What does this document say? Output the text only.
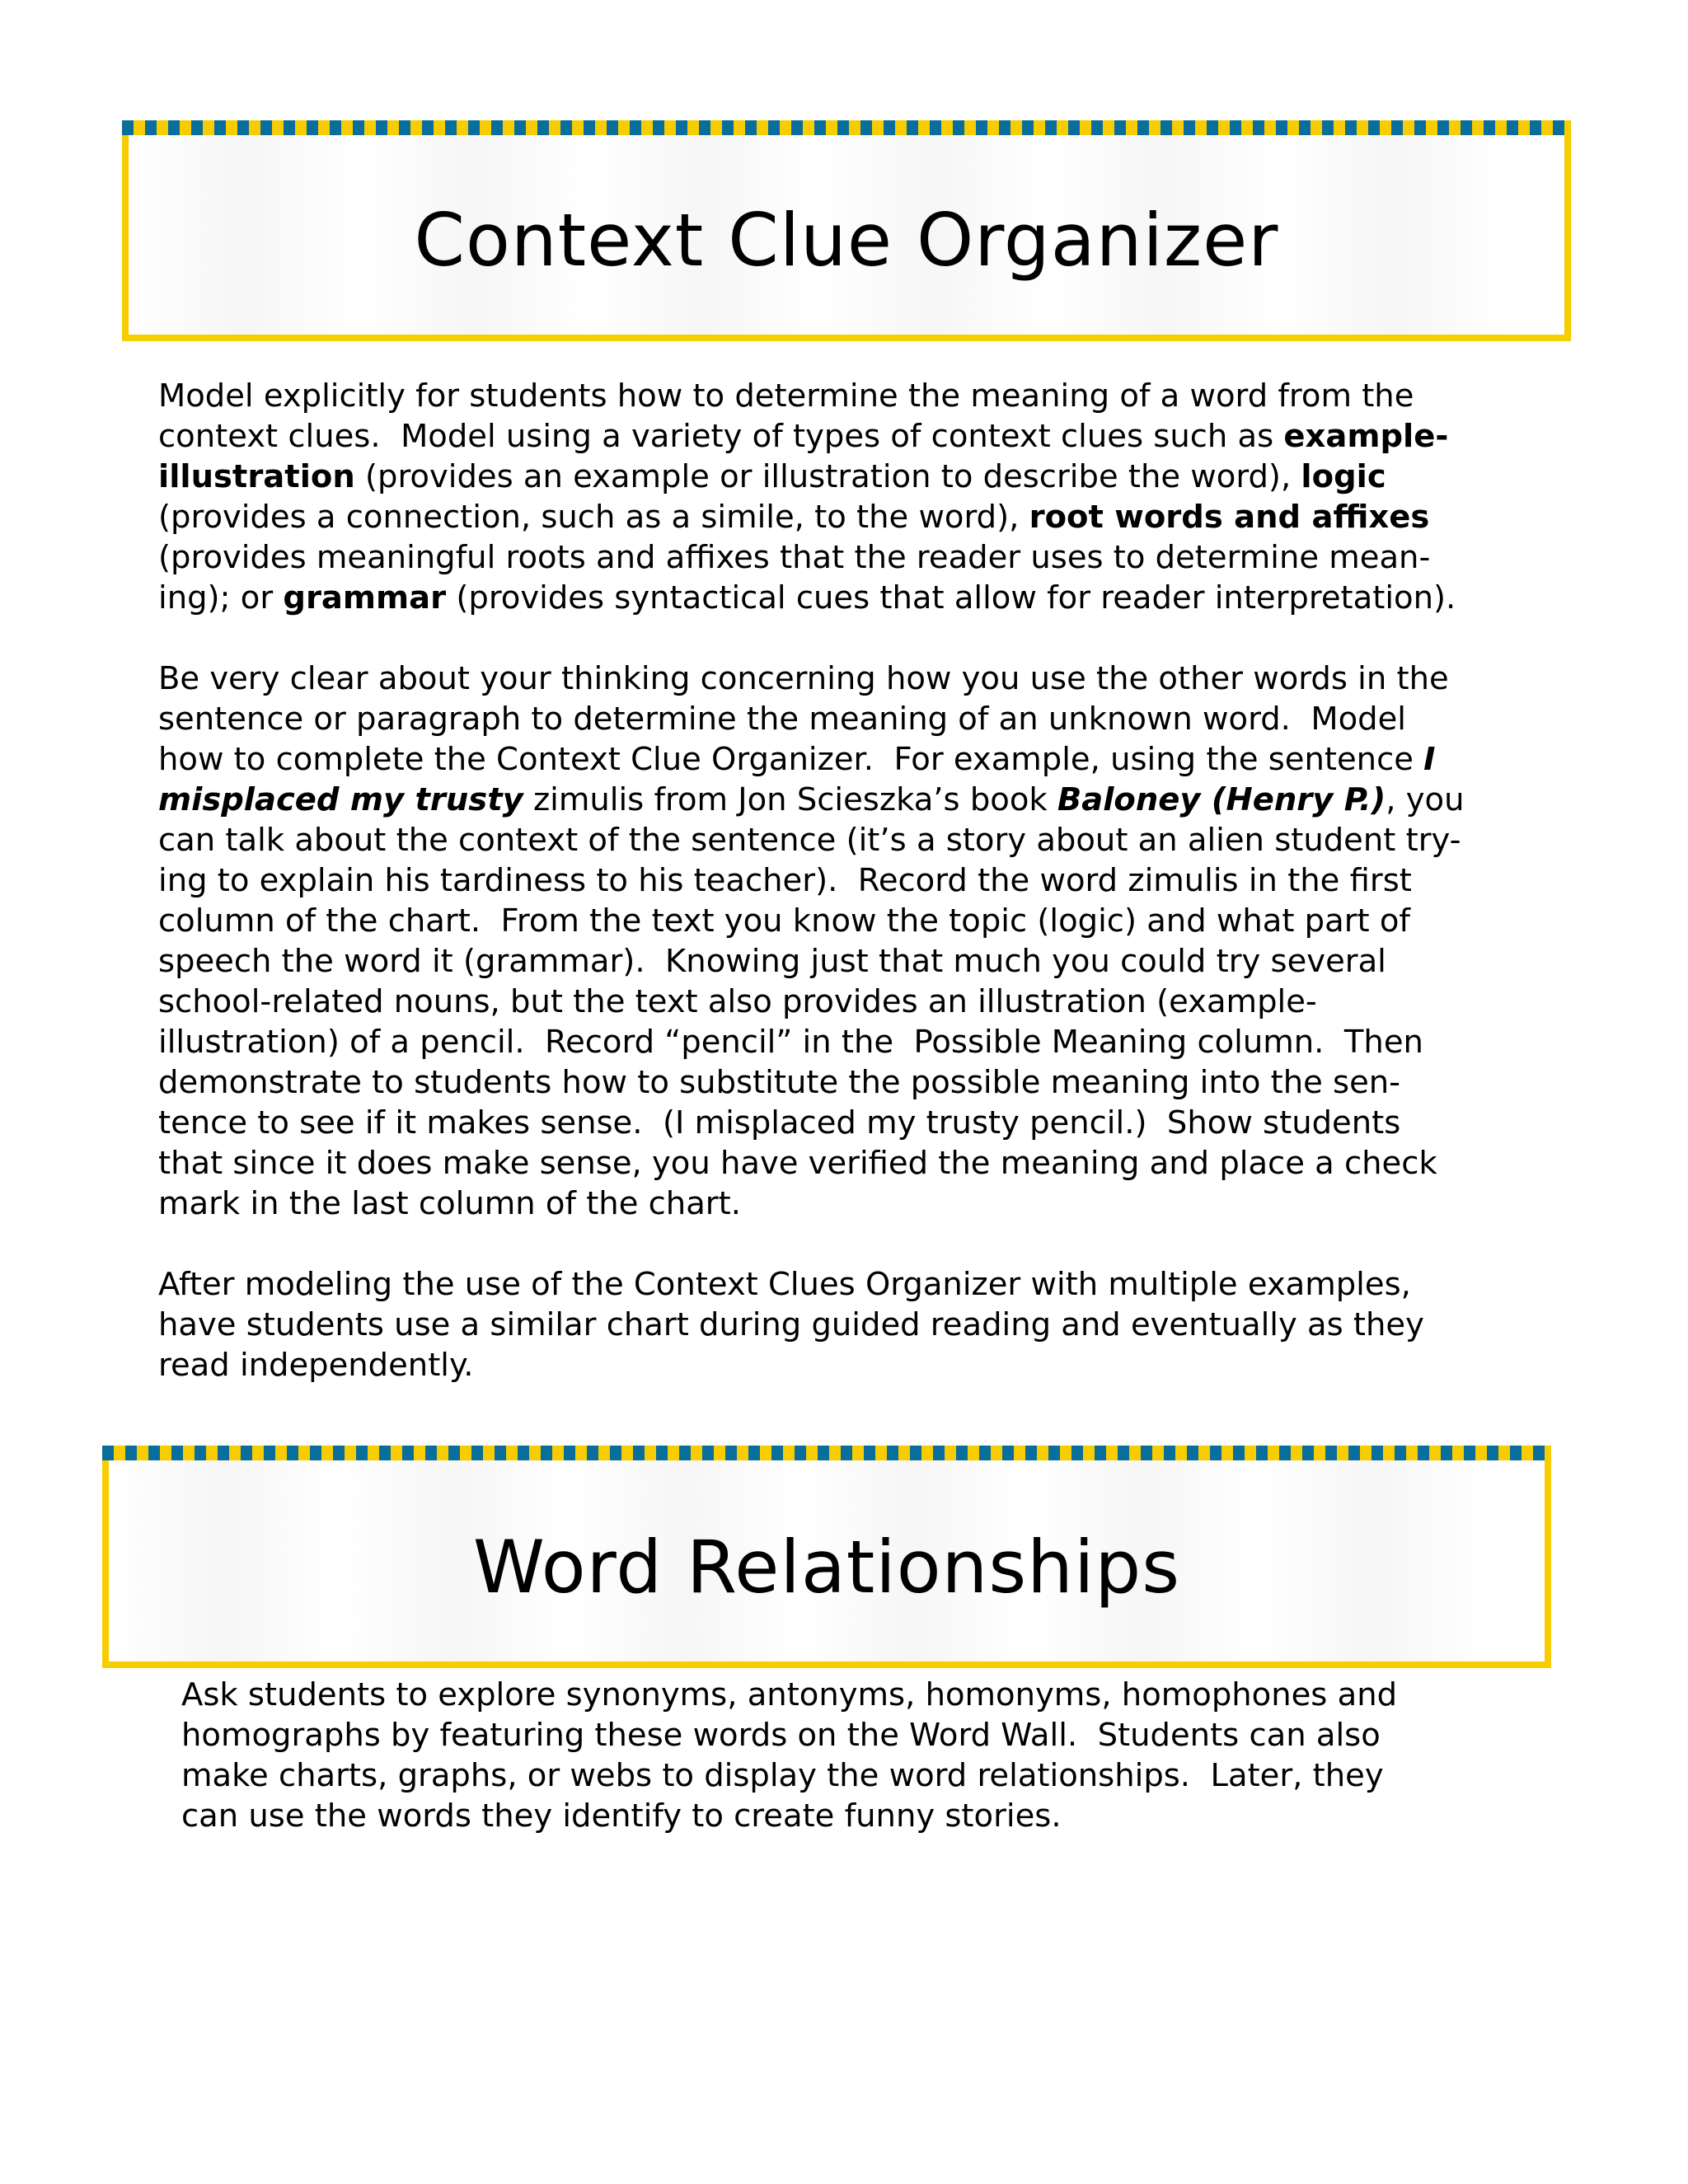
Context Clue Organizer
Model explicitly for students how to determine the meaning of a word from the
context clues.  Model using a variety of types of context clues such as example-
illustration (provides an example or illustration to describe the word), logic
(provides a connection, such as a simile, to the word), root words and affixes
(provides meaningful roots and affixes that the reader uses to determine mean-
ing); or grammar (provides syntactical cues that allow for reader interpretation).
Be very clear about your thinking concerning how you use the other words in the
sentence or paragraph to determine the meaning of an unknown word.  Model
how to complete the Context Clue Organizer.  For example, using the sentence I
misplaced my trusty zimulis from Jon Scieszka’s book Baloney (Henry P.), you
can talk about the context of the sentence (it’s a story about an alien student try-
ing to explain his tardiness to his teacher).  Record the word zimulis in the first
column of the chart.  From the text you know the topic (logic) and what part of
speech the word it (grammar).  Knowing just that much you could try several
school-related nouns, but the text also provides an illustration (example-
illustration) of a pencil.  Record “pencil” in the  Possible Meaning column.  Then
demonstrate to students how to substitute the possible meaning into the sen-
tence to see if it makes sense.  (I misplaced my trusty pencil.)  Show students
that since it does make sense, you have verified the meaning and place a check
mark in the last column of the chart.
After modeling the use of the Context Clues Organizer with multiple examples,
have students use a similar chart during guided reading and eventually as they
read independently.
Word Relationships
Ask students to explore synonyms, antonyms, homonyms, homophones and
homographs by featuring these words on the Word Wall.  Students can also
make charts, graphs, or webs to display the word relationships.  Later, they
can use the words they identify to create funny stories.
